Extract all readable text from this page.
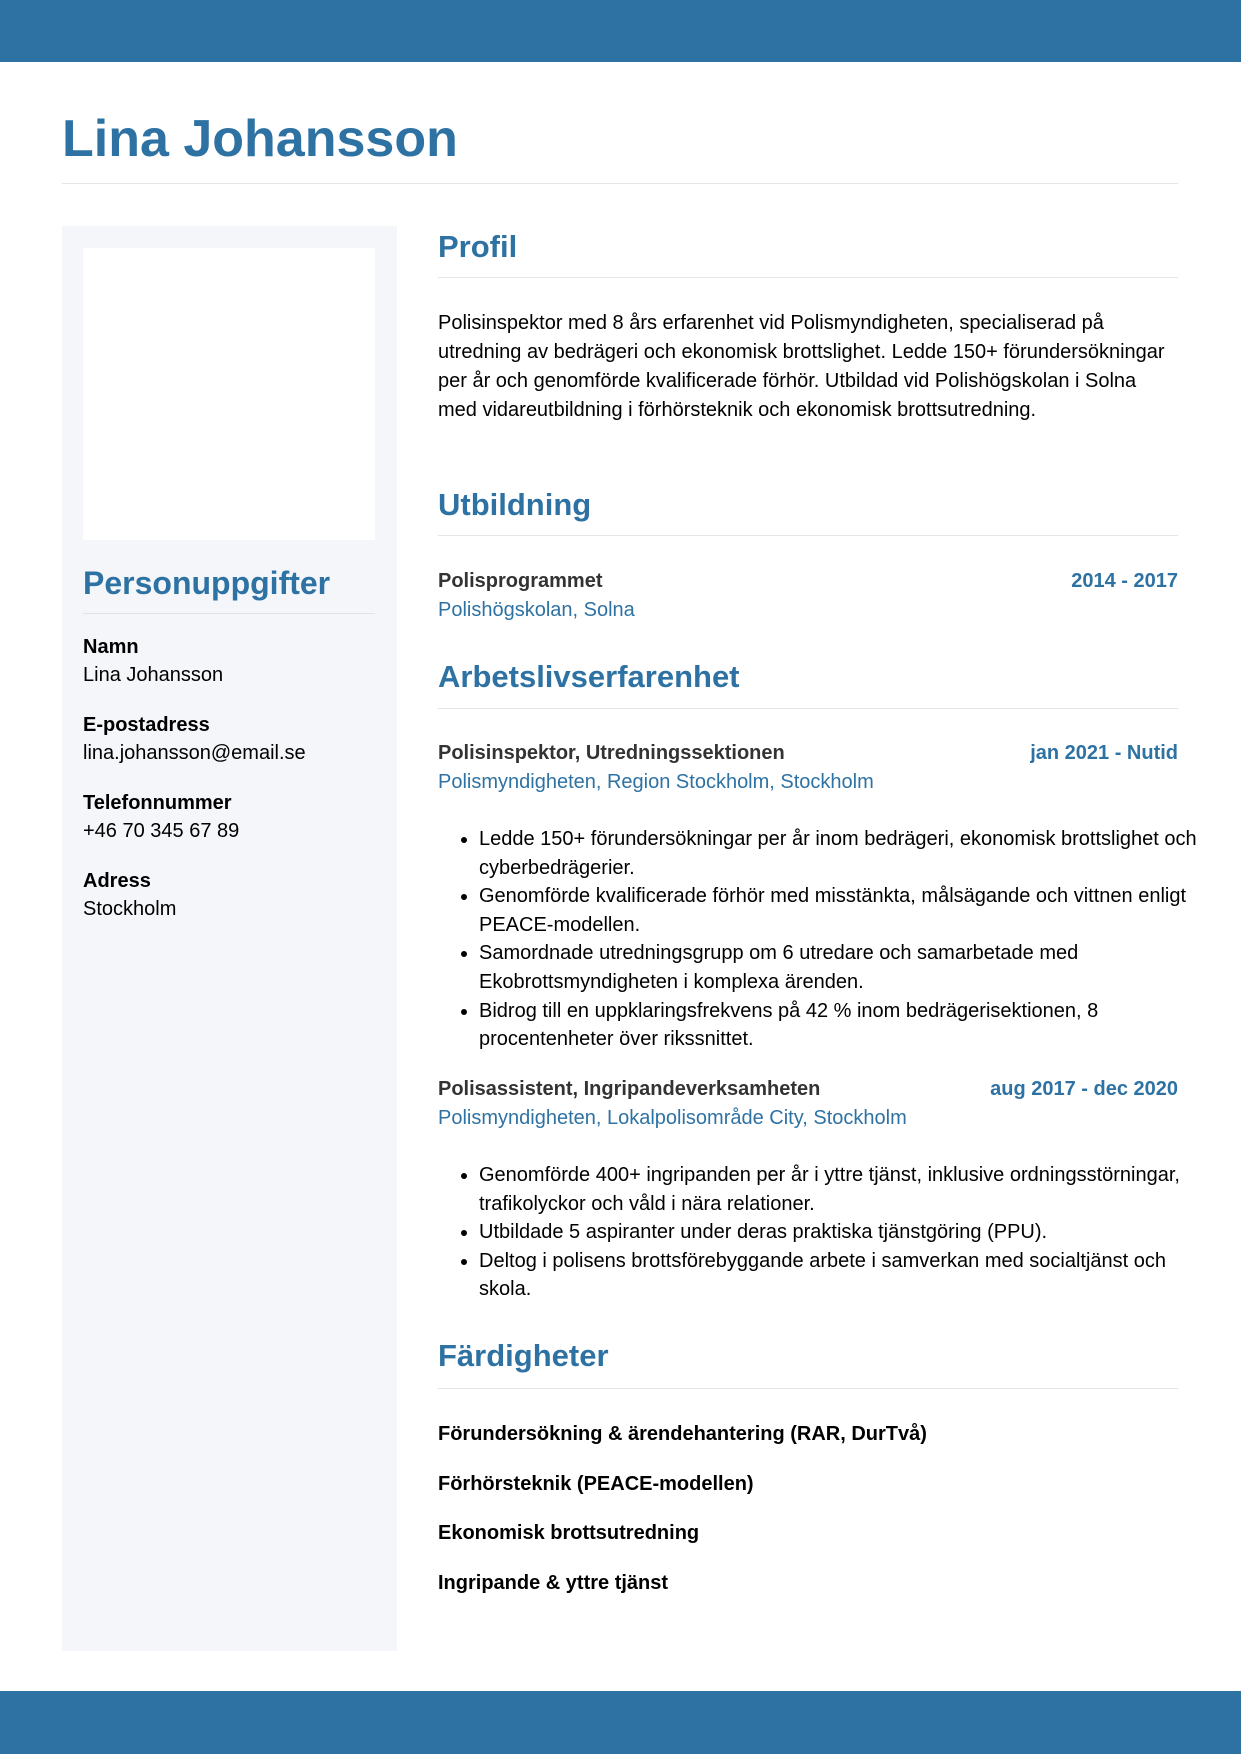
Lina Johansson
Personuppgifter
Namn
Lina Johansson
E-postadress
lina.johansson@email.se
Telefonnummer
+46 70 345 67 89
Adress
Stockholm
Profil

Polisinspektor med 8 års erfarenhet vid Polismyndigheten, specialiserad på utredning av bedrägeri och ekonomisk brottslighet. Ledde 150+ förundersökningar per år och genomförde kvalificerade förhör. Utbildad vid Polishögskolan i Solna med vidareutbildning i förhörsteknik och ekonomisk brottsutredning.

Utbildning
Polisprogrammet	2014 - 2017
Polishögskolan, Solna
Arbetslivserfarenhet
Polisinspektor, Utredningssektionen	jan 2021 - Nutid
Polismyndigheten, Region Stockholm, Stockholm
• Ledde 150+ förundersökningar per år inom bedrägeri, ekonomisk brottslighet och cyberbedrägerier.
• Genomförde kvalificerade förhör med misstänkta, målsägande och vittnen enligt PEACE-modellen.
• Samordnade utredningsgrupp om 6 utredare och samarbetade med Ekobrottsmyndigheten i komplexa ärenden.
• Bidrog till en uppklaringsfrekvens på 42 % inom bedrägerisektionen, 8 procentenheter över rikssnittet.
Polisassistent, Ingripandeverksamheten	aug 2017 - dec 2020
Polismyndigheten, Lokalpolisområde City, Stockholm
• Genomförde 400+ ingripanden per år i yttre tjänst, inklusive ordningsstörningar, trafikolyckor och våld i nära relationer.
• Utbildade 5 aspiranter under deras praktiska tjänstgöring (PPU).
• Deltog i polisens brottsförebyggande arbete i samverkan med socialtjänst och skola.
Färdigheter
Förundersökning & ärendehantering (RAR, DurTvå)
Förhörsteknik (PEACE-modellen)
Ekonomisk brottsutredning
Ingripande & yttre tjänst
